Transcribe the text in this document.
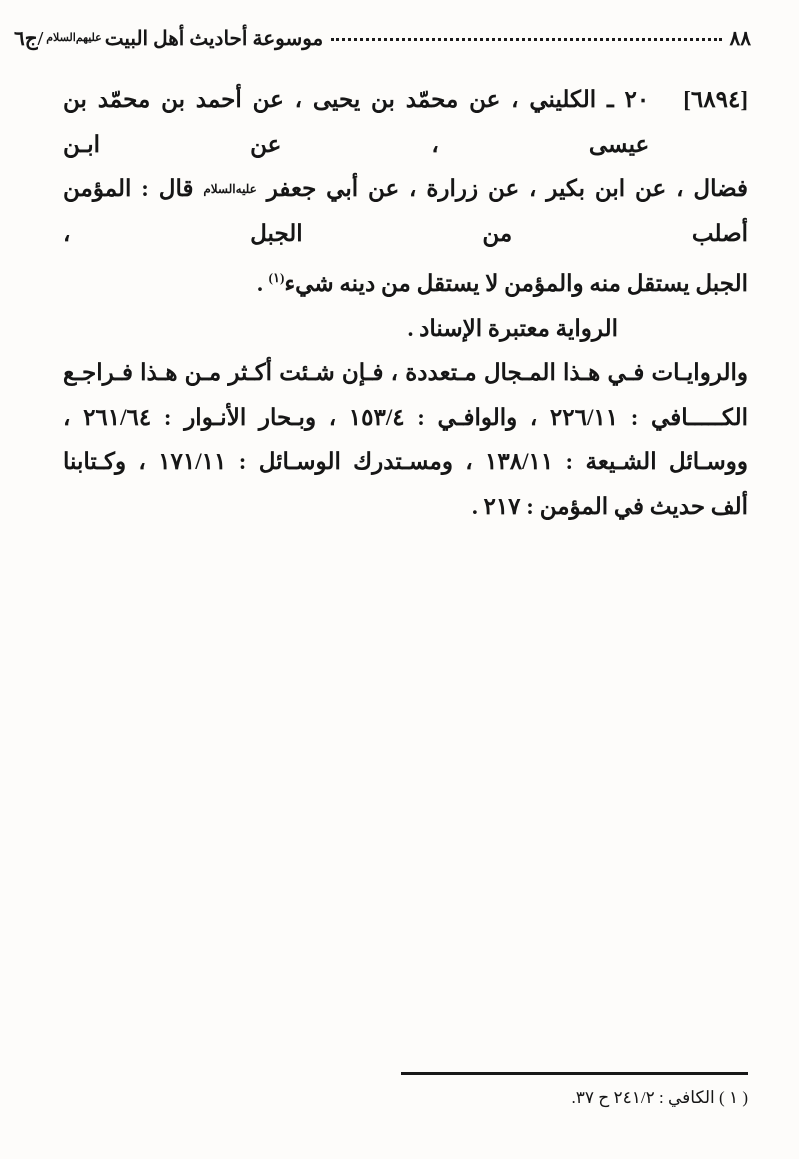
٨٨
موسوعة أحاديث أهل البيتعليهم‌السلام/ج٦
[٦٨٩٤]
٢٠ ـ الكليني ، عن محمّد بن يحيى ، عن أحمد بن محمّد بن عيسى ، عن ابـن
فضال ، عن ابن بكير ، عن زرارة ، عن أبي جعفر عليه‌السلام قال : المؤمن أصلب من الجبل ،
الجبل يستقل منه والمؤمن لا يستقل من دينه شيء$^{(١)}$ .
الرواية معتبرة الإسناد .
والروايـات فـي هـذا المـجال مـتعددة ، فـإن شـئت أكـثر مـن هـذا فـراجـع
الكـــــافي : ٢٢٦/١١ ، والوافـي : ١٥٣/٤ ، وبـحار الأنـوار : ٢٦١/٦٤ ،
ووسـائل الشـيعة : ١٣٨/١١ ، ومسـتدرك الوسـائل : ١٧١/١١ ، وكـتابنا
ألف حديث في المؤمن : ٢١٧ .
( ١ ) الكافي : ٢٤١/٢ ح ٣٧.
